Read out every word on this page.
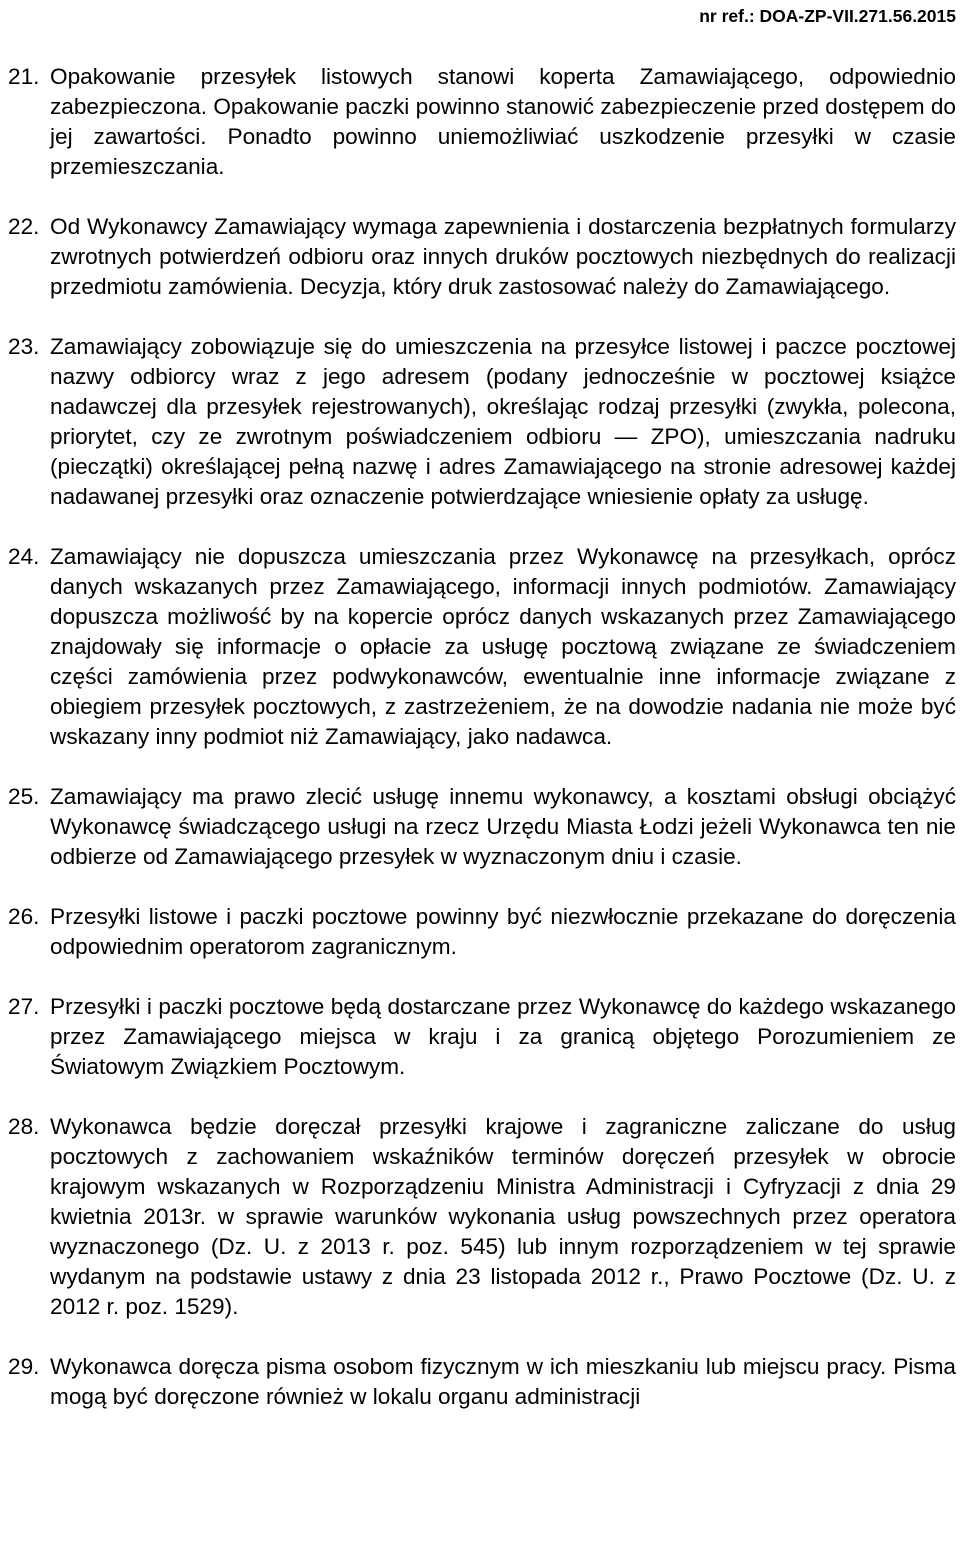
nr ref.: DOA-ZP-VII.271.56.2015
21. Opakowanie przesyłek listowych stanowi koperta Zamawiającego, odpowiednio zabezpieczona. Opakowanie paczki powinno stanowić zabezpieczenie przed dostępem do jej zawartości. Ponadto powinno uniemożliwiać uszkodzenie przesyłki w czasie przemieszczania.
22. Od Wykonawcy Zamawiający wymaga zapewnienia i dostarczenia bezpłatnych formularzy zwrotnych potwierdzeń odbioru oraz innych druków pocztowych niezbędnych do realizacji przedmiotu zamówienia. Decyzja, który druk zastosować należy do Zamawiającego.
23. Zamawiający zobowiązuje się do umieszczenia na przesyłce listowej i paczce pocztowej nazwy odbiorcy wraz z jego adresem (podany jednocześnie w pocztowej książce nadawczej dla przesyłek rejestrowanych), określając rodzaj przesyłki (zwykła, polecona, priorytet, czy ze zwrotnym poświadczeniem odbioru — ZPO), umieszczania nadruku (pieczątki) określającej pełną nazwę i adres Zamawiającego na stronie adresowej każdej nadawanej przesyłki oraz oznaczenie potwierdzające wniesienie opłaty za usługę.
24. Zamawiający nie dopuszcza umieszczania przez Wykonawcę na przesyłkach, oprócz danych wskazanych przez Zamawiającego, informacji innych podmiotów. Zamawiający dopuszcza możliwość by na kopercie oprócz danych wskazanych przez Zamawiającego znajdowały się informacje o opłacie za usługę pocztową związane ze świadczeniem części zamówienia przez podwykonawców, ewentualnie inne informacje związane z obiegiem przesyłek pocztowych, z zastrzeżeniem, że na dowodzie nadania nie może być wskazany inny podmiot niż Zamawiający, jako nadawca.
25. Zamawiający ma prawo zlecić usługę innemu wykonawcy, a kosztami obsługi obciążyć Wykonawcę świadczącego usługi na rzecz Urzędu Miasta Łodzi jeżeli Wykonawca ten nie odbierze od Zamawiającego przesyłek w wyznaczonym dniu i czasie.
26. Przesyłki listowe i paczki pocztowe powinny być niezwłocznie przekazane do doręczenia odpowiednim operatorom zagranicznym.
27. Przesyłki i paczki pocztowe będą dostarczane przez Wykonawcę do każdego wskazanego przez Zamawiającego miejsca w kraju i za granicą objętego Porozumieniem ze Światowym Związkiem Pocztowym.
28. Wykonawca będzie doręczał przesyłki krajowe i zagraniczne zaliczane do usług pocztowych z zachowaniem wskaźników terminów doręczeń przesyłek w obrocie krajowym wskazanych w Rozporządzeniu Ministra Administracji i Cyfryzacji z dnia 29 kwietnia 2013r. w sprawie warunków wykonania usług powszechnych przez operatora wyznaczonego (Dz. U. z 2013 r. poz. 545) lub innym rozporządzeniem w tej sprawie wydanym na podstawie ustawy z dnia 23 listopada 2012 r., Prawo Pocztowe (Dz. U. z 2012 r. poz. 1529).
29. Wykonawca doręcza pisma osobom fizycznym w ich mieszkaniu lub miejscu pracy. Pisma mogą być doręczone również w lokalu organu administracji
